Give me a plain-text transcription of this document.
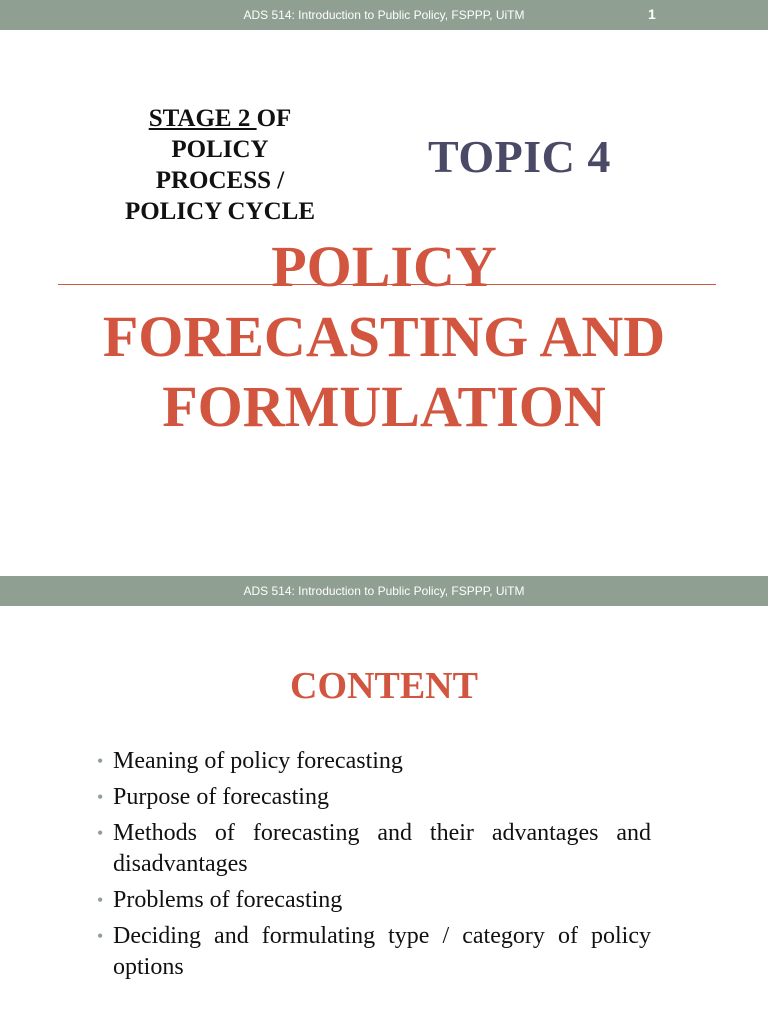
ADS 514: Introduction to Public Policy, FSPPP, UiTM	1
STAGE 2 OF
POLICY
PROCESS /
POLICY CYCLE
TOPIC 4
POLICY
FORECASTING AND
FORMULATION
ADS 514: Introduction to Public Policy, FSPPP, UiTM
CONTENT
• Meaning of policy forecasting
• Purpose of forecasting
• Methods of forecasting and their advantages and disadvantages
• Problems of forecasting
• Deciding and formulating type / category of policy options
